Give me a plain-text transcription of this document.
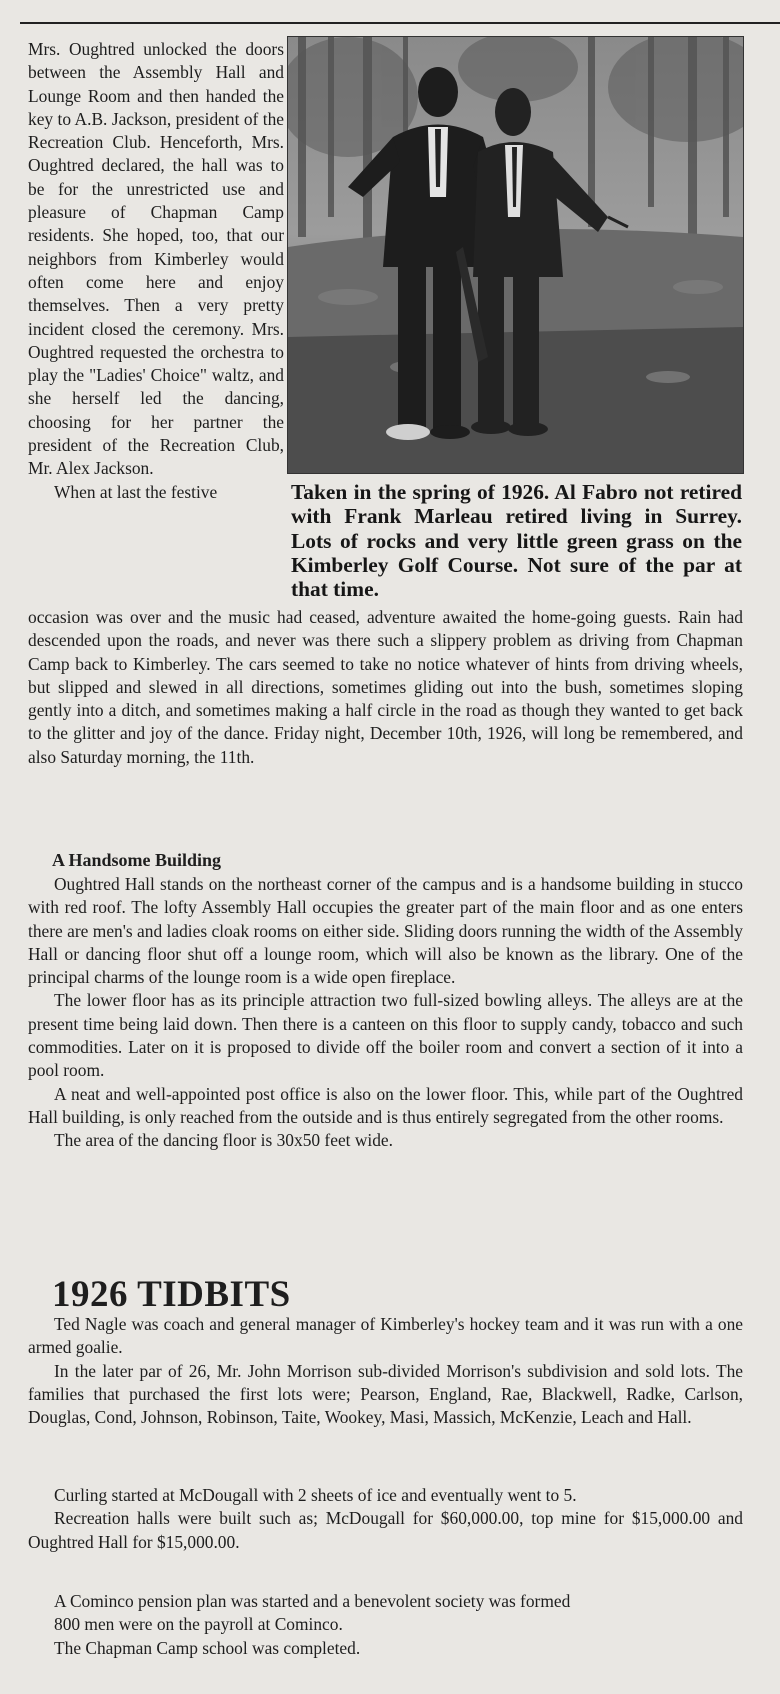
Mrs. Oughtred unlocked the doors between the Assembly Hall and Lounge Room and then handed the key to A.B. Jackson, president of the Recreation Club. Henceforth, Mrs. Oughtred declared, the hall was to be for the unrestricted use and pleasure of Chapman Camp residents. She hoped, too, that our neighbors from Kimberley would often come here and enjoy themselves. Then a very pretty incident closed the ceremony. Mrs. Oughtred requested the orchestra to play the "Ladies' Choice" waltz, and she herself led the dancing, choosing for her partner the president of the Recreation Club, Mr. Alex Jackson.

When at last the festive	Taken in the spring of 1926. Al Fabro not retired with Frank Marleau retired living in Surrey. Lots of rocks and very little green grass on the Kimberley Golf Course. Not sure of the par at that time.

occasion was over and the music had ceased, adventure awaited the home-going guests. Rain had descended upon the roads, and never was there such a slippery problem as driving from Chapman Camp back to Kimberley. The cars seemed to take no notice whatever of hints from driving wheels, but slipped and slewed in all directions, sometimes gliding out into the bush, sometimes sloping gently into a ditch, and sometimes making a half circle in the road as though they wanted to get back to the glitter and joy of the dance. Friday night, December 10th, 1926, will long be remembered, and also Saturday morning, the 11th.

A Handsome Building

Oughtred Hall stands on the northeast corner of the campus and is a handsome building in stucco with red roof. The lofty Assembly Hall occupies the greater part of the main floor and as one enters there are men's and ladies cloak rooms on either side. Sliding doors running the width of the Assembly Hall or dancing floor shut off a lounge room, which will also be known as the library. One of the principal charms of the lounge room is a wide open fireplace.

The lower floor has as its principle attraction two full-sized bowling alleys. The alleys are at the present time being laid down. Then there is a canteen on this floor to supply candy, tobacco and such commodities. Later on it is proposed to divide off the boiler room and convert a section of it into a pool room.

A neat and well-appointed post office is also on the lower floor. This, while part of the Oughtred Hall building, is only reached from the outside and is thus entirely segregated from the other rooms.

The area of the dancing floor is 30x50 feet wide.

1926 TIDBITS

Ted Nagle was coach and general manager of Kimberley's hockey team and it was run with a one armed goalie.

In the later par of 26, Mr. John Morrison sub-divided Morrison's subdivision and sold lots. The families that purchased the first lots were; Pearson, England, Rae, Blackwell, Radke, Carlson, Douglas, Cond, Johnson, Robinson, Taite, Wookey, Masi, Massich, McKenzie, Leach and Hall.

Curling started at McDougall with 2 sheets of ice and eventually went to 5.

Recreation halls were built such as; McDougall for $60,000.00, top mine for $15,000.00 and Oughtred Hall for $15,000.00.

A Cominco pension plan was started and a benevolent society was formed

800 men were on the payroll at Cominco.

The Chapman Camp school was completed.
